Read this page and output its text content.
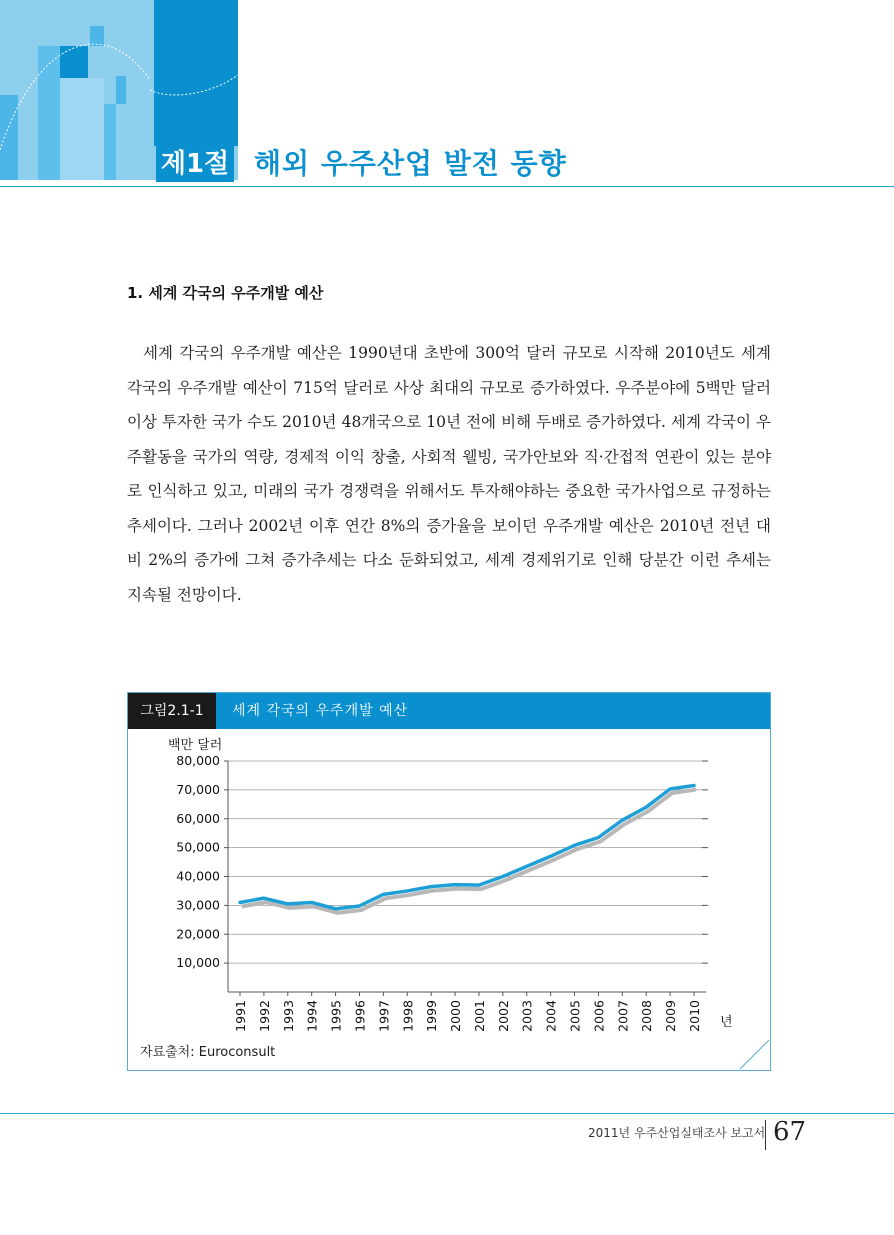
제1절 해외 우주산업 발전 동향
1. 세계 각국의 우주개발 예산

세계 각국의 우주개발 예산은 1990년대 초반에 300억 달러 규모로 시작해 2010년도 세계 각국의 우주개발 예산이 715억 달러로 사상 최대의 규모로 증가하였다. 우주분야에 5백만 달러 이상 투자한 국가 수도 2010년 48개국으로 10년 전에 비해 두배로 증가하였다. 세계 각국이 우주활동을 국가의 역량, 경제적 이익 창출, 사회적 웰빙, 국가안보와 직·간접적 연관이 있는 분야로 인식하고 있고, 미래의 국가 경쟁력을 위해서도 투자해야하는 중요한 국가사업으로 규정하는 추세이다. 그러나 2002년 이후 연간 8%의 증가율을 보이던 우주개발 예산은 2010년 전년 대비 2%의 증가에 그쳐 증가추세는 다소 둔화되었고, 세계 경제위기로 인해 당분간 이런 추세는 지속될 전망이다.

그림2.1-1	세계 각국의 우주개발 예산
10,000
20,000
30,000
40,000
50,000
60,000
70,000
80,000
1991 1992 1993 1994 1995 1996 1997 1998 1999 2000 2001 2002 2003 2004 2005 2006 2007 2008 2009 2010
백만 달러
년
자료출처: Euroconsult
2011년 우주산업실태조사 보고서 67
